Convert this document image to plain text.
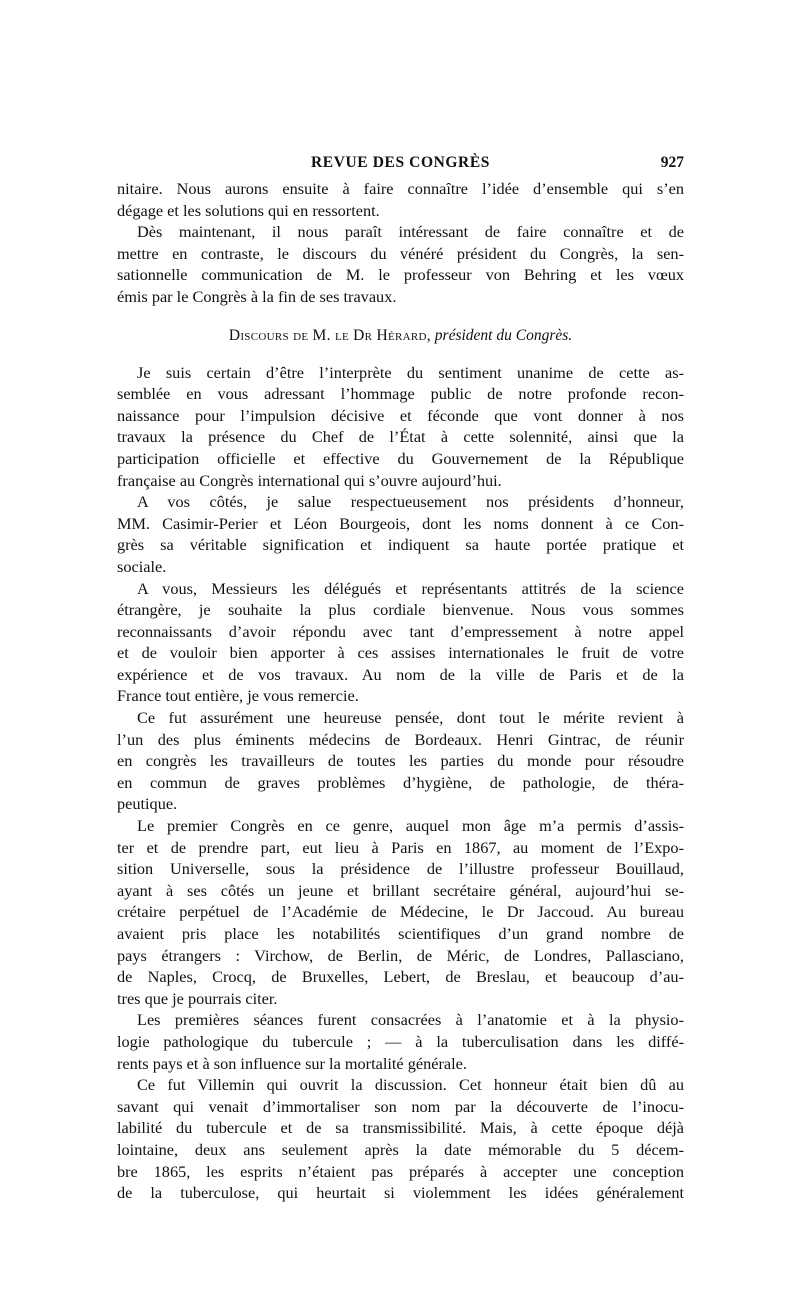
REVUE DES CONGRÈS	927

nitaire. Nous aurons ensuite à faire connaître l’idée d’ensemble qui s’en
dégage et les solutions qui en ressortent.

Dès maintenant, il nous paraît intéressant de faire connaître et de
mettre en contraste, le discours du vénéré président du Congrès, la sen-
sationnelle communication de M. le professeur von Behring et les vœux
émis par le Congrès à la fin de ses travaux.

Discours de M. le Dr Hérard, président du Congrès.

Je suis certain d’être l’interprète du sentiment unanime de cette as-
semblée en vous adressant l’hommage public de notre profonde recon-
naissance pour l’impulsion décisive et féconde que vont donner à nos
travaux la présence du Chef de l’État à cette solennité, ainsi que la
participation officielle et effective du Gouvernement de la République
française au Congrès international qui s’ouvre aujourd’hui.

A vos côtés, je salue respectueusement nos présidents d’honneur,
MM. Casimir-Perier et Léon Bourgeois, dont les noms donnent à ce Con-
grès sa véritable signification et indiquent sa haute portée pratique et
sociale.

A vous, Messieurs les délégués et représentants attitrés de la science
étrangère, je souhaite la plus cordiale bienvenue. Nous vous sommes
reconnaissants d’avoir répondu avec tant d’empressement à notre appel
et de vouloir bien apporter à ces assises internationales le fruit de votre
expérience et de vos travaux. Au nom de la ville de Paris et de la
France tout entière, je vous remercie.

Ce fut assurément une heureuse pensée, dont tout le mérite revient à
l’un des plus éminents médecins de Bordeaux. Henri Gintrac, de réunir
en congrès les travailleurs de toutes les parties du monde pour résoudre
en commun de graves problèmes d’hygiène, de pathologie, de théra-
peutique.

Le premier Congrès en ce genre, auquel mon âge m’a permis d’assis-
ter et de prendre part, eut lieu à Paris en 1867, au moment de l’Expo-
sition Universelle, sous la présidence de l’illustre professeur Bouillaud,
ayant à ses côtés un jeune et brillant secrétaire général, aujourd’hui se-
crétaire perpétuel de l’Académie de Médecine, le Dr Jaccoud. Au bureau
avaient pris place les notabilités scientifiques d’un grand nombre de
pays étrangers : Virchow, de Berlin, de Méric, de Londres, Pallasciano,
de Naples, Crocq, de Bruxelles, Lebert, de Breslau, et beaucoup d’au-
tres que je pourrais citer.

Les premières séances furent consacrées à l’anatomie et à la physio-
logie pathologique du tubercule ; — à la tuberculisation dans les diffé-
rents pays et à son influence sur la mortalité générale.

Ce fut Villemin qui ouvrit la discussion. Cet honneur était bien dû au
savant qui venait d’immortaliser son nom par la découverte de l’inocu-
labilité du tubercule et de sa transmissibilité. Mais, à cette époque déjà
lointaine, deux ans seulement après la date mémorable du 5 décem-
bre 1865, les esprits n’étaient pas préparés à accepter une conception
de la tuberculose, qui heurtait si violemment les idées généralement
